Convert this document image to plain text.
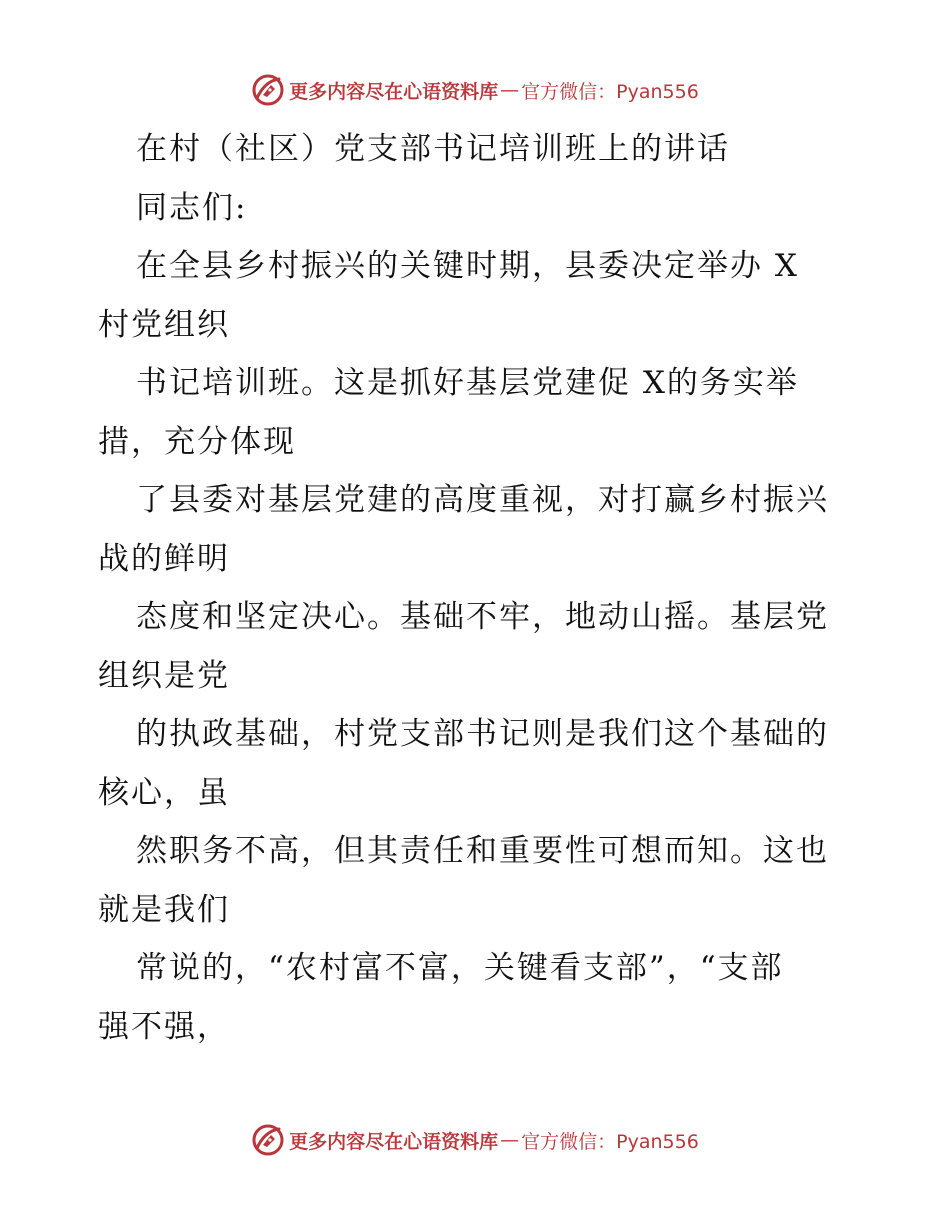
更多内容尽在心语资料库 — 官方微信：Pyan556
在村（社区）党支部书记培训班上的讲话
同志们:
在全县乡村振兴的关键时期，县委决定举办 X
村党组织
书记培训班。这是抓好基层党建促 X的务实举
措，充分体现
了县委对基层党建的高度重视，对打赢乡村振兴
战的鲜明
态度和坚定决心。基础不牢，地动山摇。基层党
组织是党
的执政基础，村党支部书记则是我们这个基础的
核心，虽
然职务不高，但其责任和重要性可想而知。这也
就是我们
常说的，“农村富不富，关键看支部”，“支部
强不强，
更多内容尽在心语资料库 — 官方微信：Pyan556
